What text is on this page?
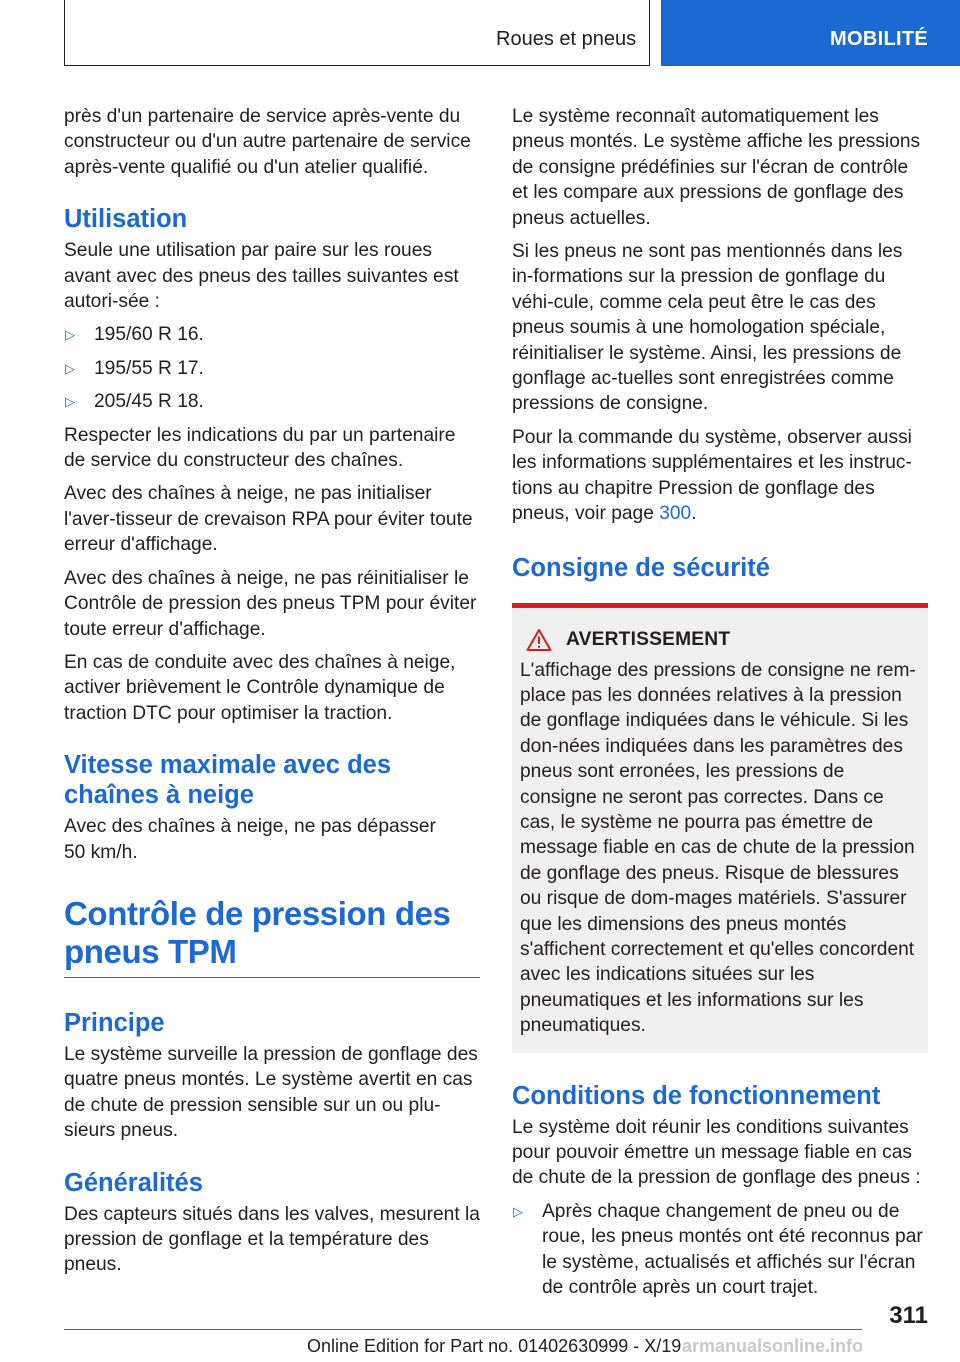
Roues et pneus	MOBILITÉ

près d'un partenaire de service après-vente du constructeur ou d'un autre partenaire de service après-vente qualifié ou d'un atelier qualifié.

Utilisation

Seule une utilisation par paire sur les roues avant avec des pneus des tailles suivantes est autori-sée :

▷ 195/60 R 16.
▷ 195/55 R 17.
▷ 205/45 R 18.

Respecter les indications du par un partenaire de service du constructeur des chaînes.

Avec des chaînes à neige, ne pas initialiser l'aver-tisseur de crevaison RPA pour éviter toute erreur d'affichage.

Avec des chaînes à neige, ne pas réinitialiser le Contrôle de pression des pneus TPM pour éviter toute erreur d'affichage.

En cas de conduite avec des chaînes à neige, activer brièvement le Contrôle dynamique de traction DTC pour optimiser la traction.

Vitesse maximale avec des chaînes à neige

Avec des chaînes à neige, ne pas dépasser 50 km/h.

Contrôle de pression des pneus TPM
Principe

Le système surveille la pression de gonflage des quatre pneus montés. Le système avertit en cas de chute de pression sensible sur un ou plu-sieurs pneus.

Généralités

Des capteurs situés dans les valves, mesurent la pression de gonflage et la température des pneus.

Le système reconnaît automatiquement les pneus montés. Le système affiche les pressions de consigne prédéfinies sur l'écran de contrôle et les compare aux pressions de gonflage des pneus actuelles.

Si les pneus ne sont pas mentionnés dans les in-formations sur la pression de gonflage du véhi-cule, comme cela peut être le cas des pneus soumis à une homologation spéciale, réinitialiser le système. Ainsi, les pressions de gonflage ac-tuelles sont enregistrées comme pressions de consigne.

Pour la commande du système, observer aussi les informations supplémentaires et les instruc-tions au chapitre Pression de gonflage des pneus, voir page 300.

Consigne de sécurité
AVERTISSEMENT

L'affichage des pressions de consigne ne rem-place pas les données relatives à la pression de gonflage indiquées dans le véhicule. Si les don-nées indiquées dans les paramètres des pneus sont erronées, les pressions de consigne ne seront pas correctes. Dans ce cas, le système ne pourra pas émettre de message fiable en cas de chute de la pression de gonflage des pneus. Risque de blessures ou risque de dom-mages matériels. S'assurer que les dimensions des pneus montés s'affichent correctement et qu'elles concordent avec les indications situées sur les pneumatiques et les informations sur les pneumatiques.

Conditions de fonctionnement

Le système doit réunir les conditions suivantes pour pouvoir émettre un message fiable en cas de chute de la pression de gonflage des pneus :

▷ Après chaque changement de pneu ou de roue, les pneus montés ont été reconnus par le système, actualisés et affichés sur l'écran de contrôle après un court trajet.
311
Online Edition for Part no. 01402630999 - X/19 armanualsonline.info
